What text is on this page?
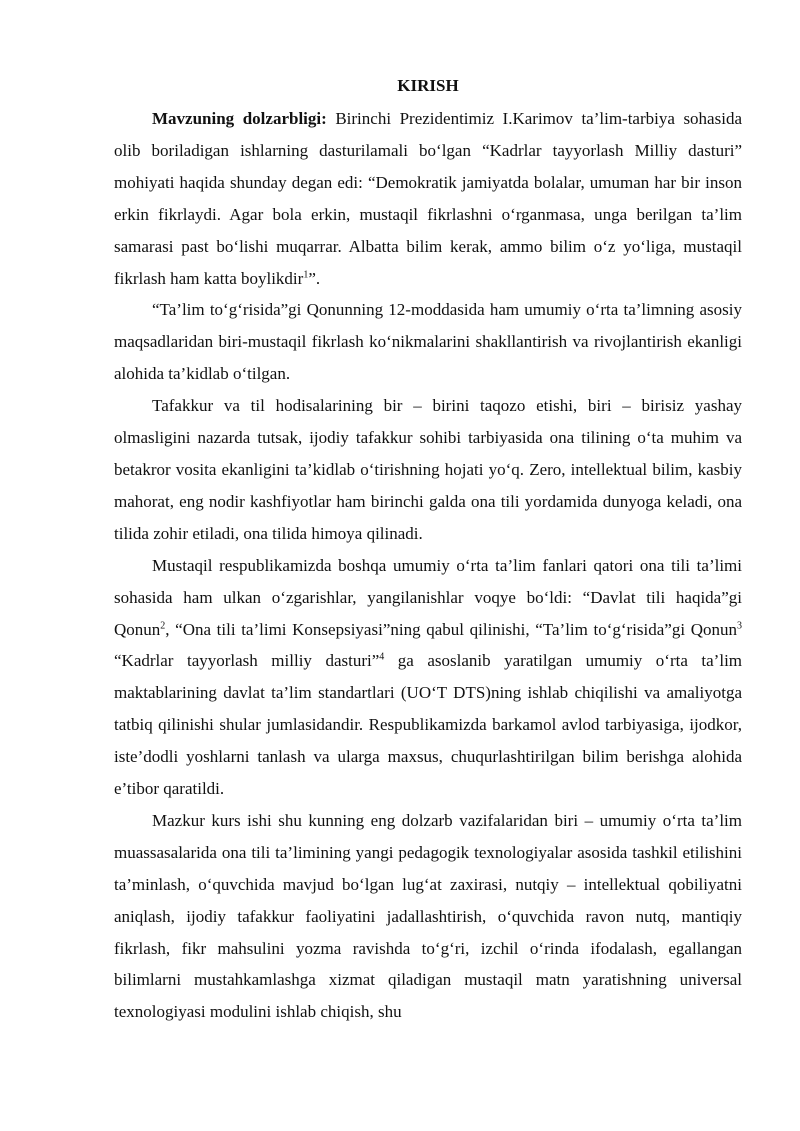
KIRISH

Mavzuning dolzarbligi: Birinchi Prezidentimiz I.Karimov ta’lim-tarbiya sohasida olib boriladigan ishlarning dasturilamali bo‘lgan “Kadrlar tayyorlash Milliy dasturi” mohiyati haqida shunday degan edi: “Demokratik jamiyatda bolalar, umuman har bir inson erkin fikrlaydi. Agar bola erkin, mustaqil fikrlashni o‘rganmasa, unga berilgan ta’lim samarasi past bo‘lishi muqarrar. Albatta bilim kerak, ammo bilim o‘z yo‘liga, mustaqil fikrlash ham katta boylikdir$^1$”.

“Ta’lim to‘g‘risida”gi Qonunning 12-moddasida ham umumiy o‘rta ta’limning asosiy maqsadlaridan biri-mustaqil fikrlash ko‘nikmalarini shakllantirish va rivojlantirish ekanligi alohida ta’kidlab o‘tilgan.

Tafakkur va til hodisalarining bir – birini taqozo etishi, biri – birisiz yashay olmasligini nazarda tutsak, ijodiy tafakkur sohibi tarbiyasida ona tilining o‘ta muhim va betakror vosita ekanligini ta’kidlab o‘tirishning hojati yo‘q. Zero, intellektual bilim, kasbiy mahorat, eng nodir kashfiyotlar ham birinchi galda ona tili yordamida dunyoga keladi, ona tilida zohir etiladi, ona tilida himoya qilinadi.

Mustaqil respublikamizda boshqa umumiy o‘rta ta’lim fanlari qatori ona tili ta’limi sohasida ham ulkan o‘zgarishlar, yangilanishlar voqye bo‘ldi: “Davlat tili haqida”gi Qonun$^2$, “Ona tili ta’limi Konsepsiyasi”ning qabul qilinishi, “Ta’lim to‘g‘risida”gi Qonun$^3$ “Kadrlar tayyorlash milliy dasturi”$^4$ ga asoslanib yaratilgan umumiy o‘rta ta’lim maktablarining davlat ta’lim standartlari (UO‘T DTS)ning ishlab chiqilishi va amaliyotga tatbiq qilinishi shular jumlasidandir. Respublikamizda barkamol avlod tarbiyasiga, ijodkor, iste’dodli yoshlarni tanlash va ularga maxsus, chuqurlashtirilgan bilim berishga alohida e’tibor qaratildi.

Mazkur kurs ishi shu kunning eng dolzarb vazifalaridan biri – umumiy o‘rta ta’lim muassasalarida ona tili ta’limining yangi pedagogik texnologiyalar asosida tashkil etilishini ta’minlash, o‘quvchida mavjud bo‘lgan lug‘at zaxirasi, nutqiy – intellektual qobiliyatni aniqlash, ijodiy tafakkur faoliyatini jadallashtirish, o‘quvchida ravon nutq, mantiqiy fikrlash, fikr mahsulini yozma ravishda to‘g‘ri, izchil o‘rinda ifodalash, egallangan bilimlarni mustahkamlashga xizmat qiladigan mustaqil matn yaratishning universal texnologiyasi modulini ishlab chiqish, shu
